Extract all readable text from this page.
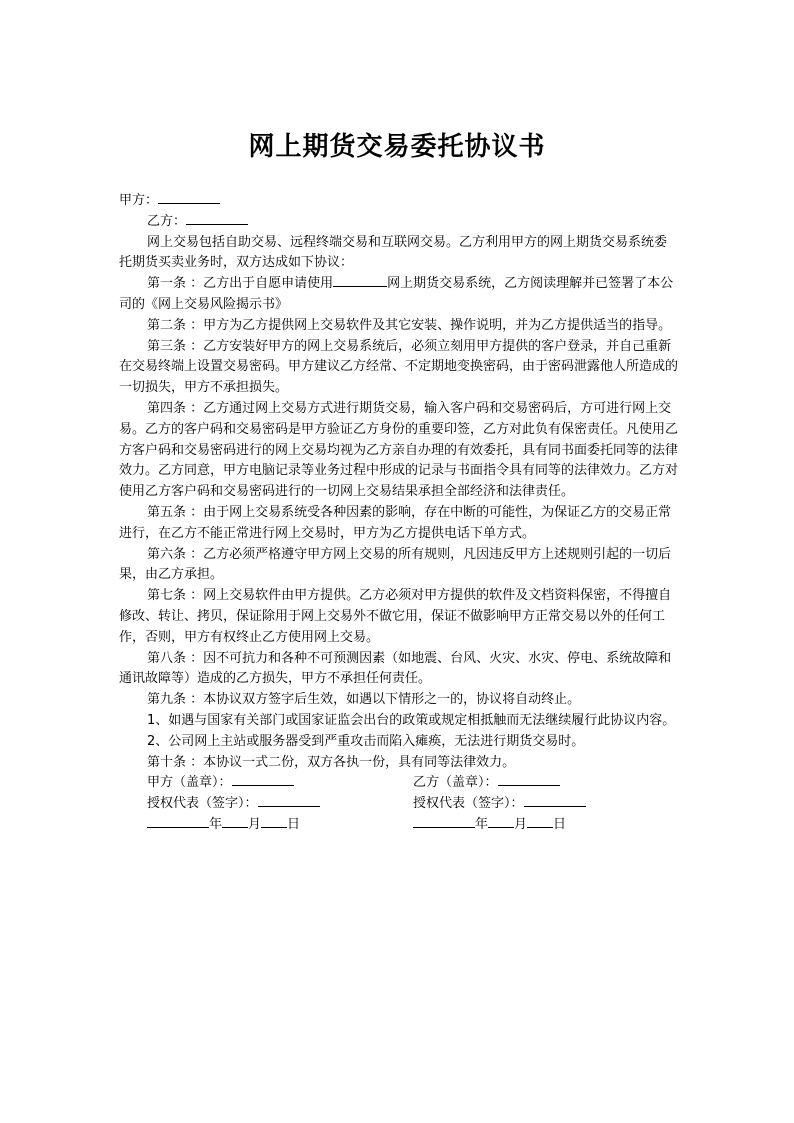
网上期货交易委托协议书

甲方：

乙方：

网上交易包括自助交易、远程终端交易和互联网交易。乙方利用甲方的网上期货交易系统委托期货买卖业务时，双方达成如下协议：

第一条 ：乙方出于自愿申请使用	网上期货交易系统，乙方阅读理解并已签署了本公司的《网上交易风险揭示书》

第二条 ：甲方为乙方提供网上交易软件及其它安装、操作说明，并为乙方提供适当的指导。

第三条 ：乙方安装好甲方的网上交易系统后，必须立刻用甲方提供的客户登录，并自己重新在交易终端上设置交易密码。甲方建议乙方经常、不定期地变换密码，由于密码泄露他人所造成的一切损失，甲方不承担损失。

第四条 ：乙方通过网上交易方式进行期货交易，输入客户码和交易密码后，方可进行网上交易。乙方的客户码和交易密码是甲方验证乙方身份的重要印签，乙方对此负有保密责任。凡使用乙方客户码和交易密码进行的网上交易均视为乙方亲自办理的有效委托，具有同书面委托同等的法律效力。乙方同意，甲方电脑记录等业务过程中形成的记录与书面指令具有同等的法律效力。乙方对使用乙方客户码和交易密码进行的一切网上交易结果承担全部经济和法律责任。

第五条 ：由于网上交易系统受各种因素的影响，存在中断的可能性，为保证乙方的交易正常进行，在乙方不能正常进行网上交易时，甲方为乙方提供电话下单方式。

第六条 ：乙方必须严格遵守甲方网上交易的所有规则，凡因违反甲方上述规则引起的一切后果，由乙方承担。

第七条 ：网上交易软件由甲方提供。乙方必须对甲方提供的软件及文档资料保密，不得擅自修改、转让、拷贝，保证除用于网上交易外不做它用，保证不做影响甲方正常交易以外的任何工作，否则，甲方有权终止乙方使用网上交易。

第八条 ：因不可抗力和各种不可预测因素（如地震、台风、火灾、水灾、停电、系统故障和通讯故障等）造成的乙方损失，甲方不承担任何责任。

第九条 ：本协议双方签字后生效，如遇以下情形之一的，协议将自动终止。

1、如遇与国家有关部门或国家证监会出台的政策或规定相抵触而无法继续履行此协议内容。

2、公司网上主站或服务器受到严重攻击而陷入瘫痪，无法进行期货交易时。

第十条 ：本协议一式二份，双方各执一份，具有同等法律效力。

甲方（盖章）：	乙方（盖章）：
授权代表（签字）：	授权代表（签字）：
年 月 日	年 月 日
